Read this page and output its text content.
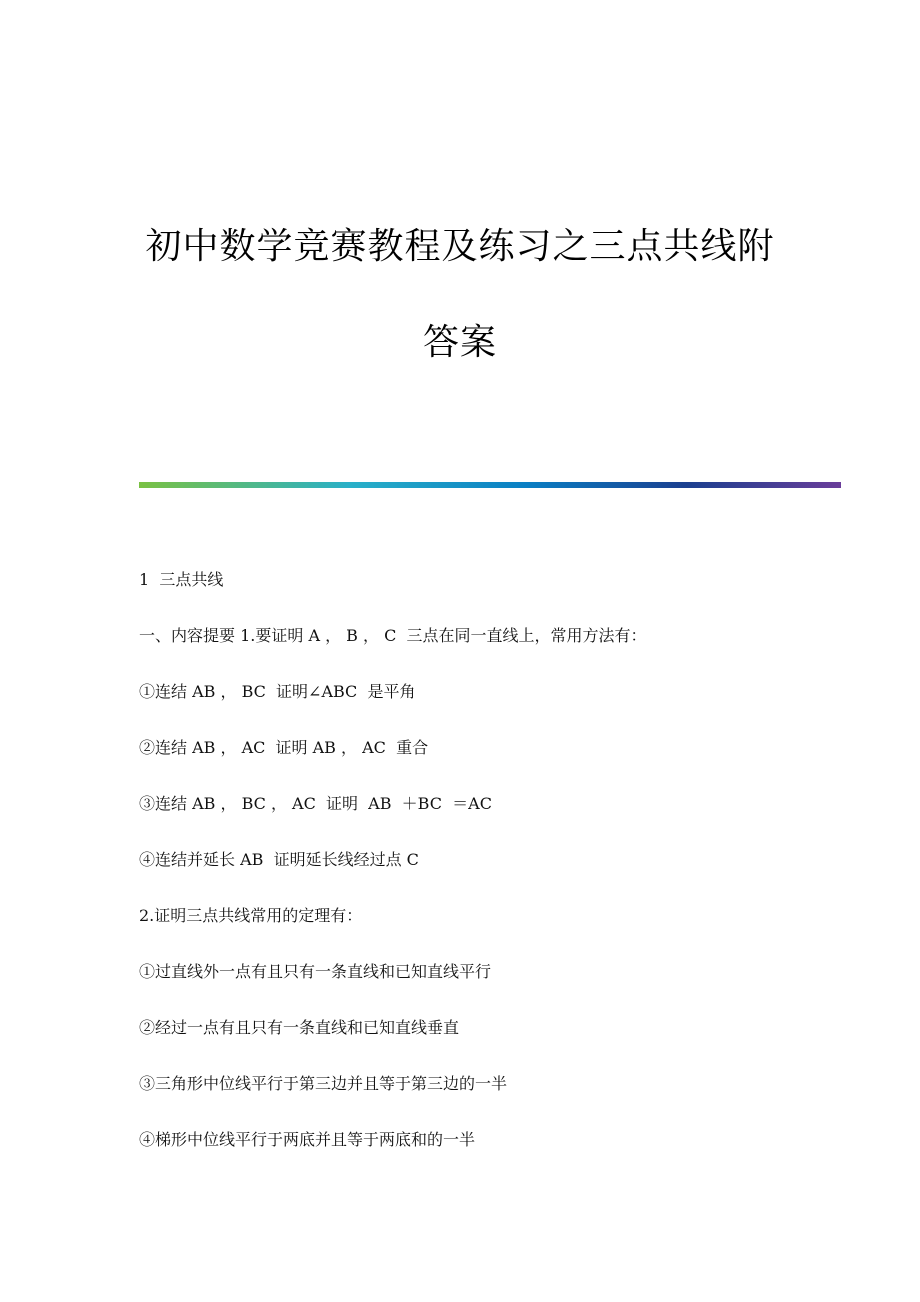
初中数学竞赛教程及练习之三点共线附
答案
1  三点共线
一、内容提要 1.要证明 A ， B ， C  三点在同一直线上，常用方法有：
①连结 AB ， BC  证明∠ABC  是平角
②连结 AB ， AC  证明 AB ， AC  重合
③连结 AB ， BC ， AC  证明  AB  ＋BC  ＝AC
④连结并延长 AB  证明延长线经过点 C
2.证明三点共线常用的定理有：
①过直线外一点有且只有一条直线和已知直线平行
②经过一点有且只有一条直线和已知直线垂直
③三角形中位线平行于第三边并且等于第三边的一半
④梯形中位线平行于两底并且等于两底和的一半
